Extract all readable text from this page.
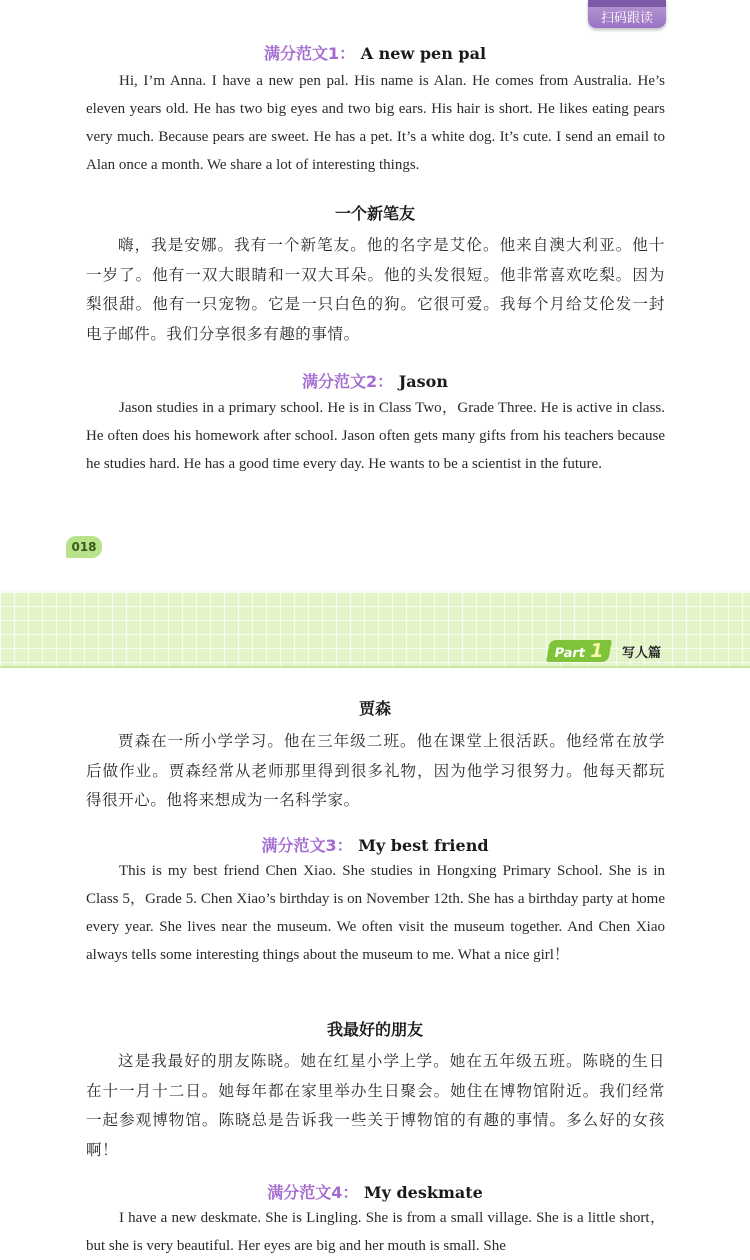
扫码跟读
满分范文1： A new pen pal

Hi, I’m Anna. I have a new pen pal. His name is Alan. He comes from Australia. He’s eleven years old. He has two big eyes and two big ears. His hair is short. He likes eating pears very much. Because pears are sweet. He has a pet. It’s a white dog. It’s cute. I send an email to Alan once a month. We share a lot of interesting things.

一个新笔友

嗨，我是安娜。我有一个新笔友。他的名字是艾伦。他来自澳大利亚。他十一岁了。他有一双大眼睛和一双大耳朵。他的头发很短。他非常喜欢吃梨。因为梨很甜。他有一只宠物。它是一只白色的狗。它很可爱。我每个月给艾伦发一封电子邮件。我们分享很多有趣的事情。

满分范文2： Jason

Jason studies in a primary school. He is in Class Two，Grade Three. He is active in class. He often does his homework after school. Jason often gets many gifts from his teachers because he studies hard. He has a good time every day. He wants to be a scientist in the future.

018
Part 1	写人篇
贾森

贾森在一所小学学习。他在三年级二班。他在课堂上很活跃。他经常在放学后做作业。贾森经常从老师那里得到很多礼物，因为他学习很努力。他每天都玩得很开心。他将来想成为一名科学家。

满分范文3： My best friend

This is my best friend Chen Xiao. She studies in Hongxing Primary School. She is in Class 5，Grade 5. Chen Xiao’s birthday is on November 12th. She has a birthday party at home every year. She lives near the museum. We often visit the museum together. And Chen Xiao always tells some interesting things about the museum to me. What a nice girl！

我最好的朋友

这是我最好的朋友陈晓。她在红星小学上学。她在五年级五班。陈晓的生日在十一月十二日。她每年都在家里举办生日聚会。她住在博物馆附近。我们经常一起参观博物馆。陈晓总是告诉我一些关于博物馆的有趣的事情。多么好的女孩啊！

满分范文4： My deskmate

I have a new deskmate. She is Lingling. She is from a small village. She is a little short，but she is very beautiful. Her eyes are big and her mouth is small. She
